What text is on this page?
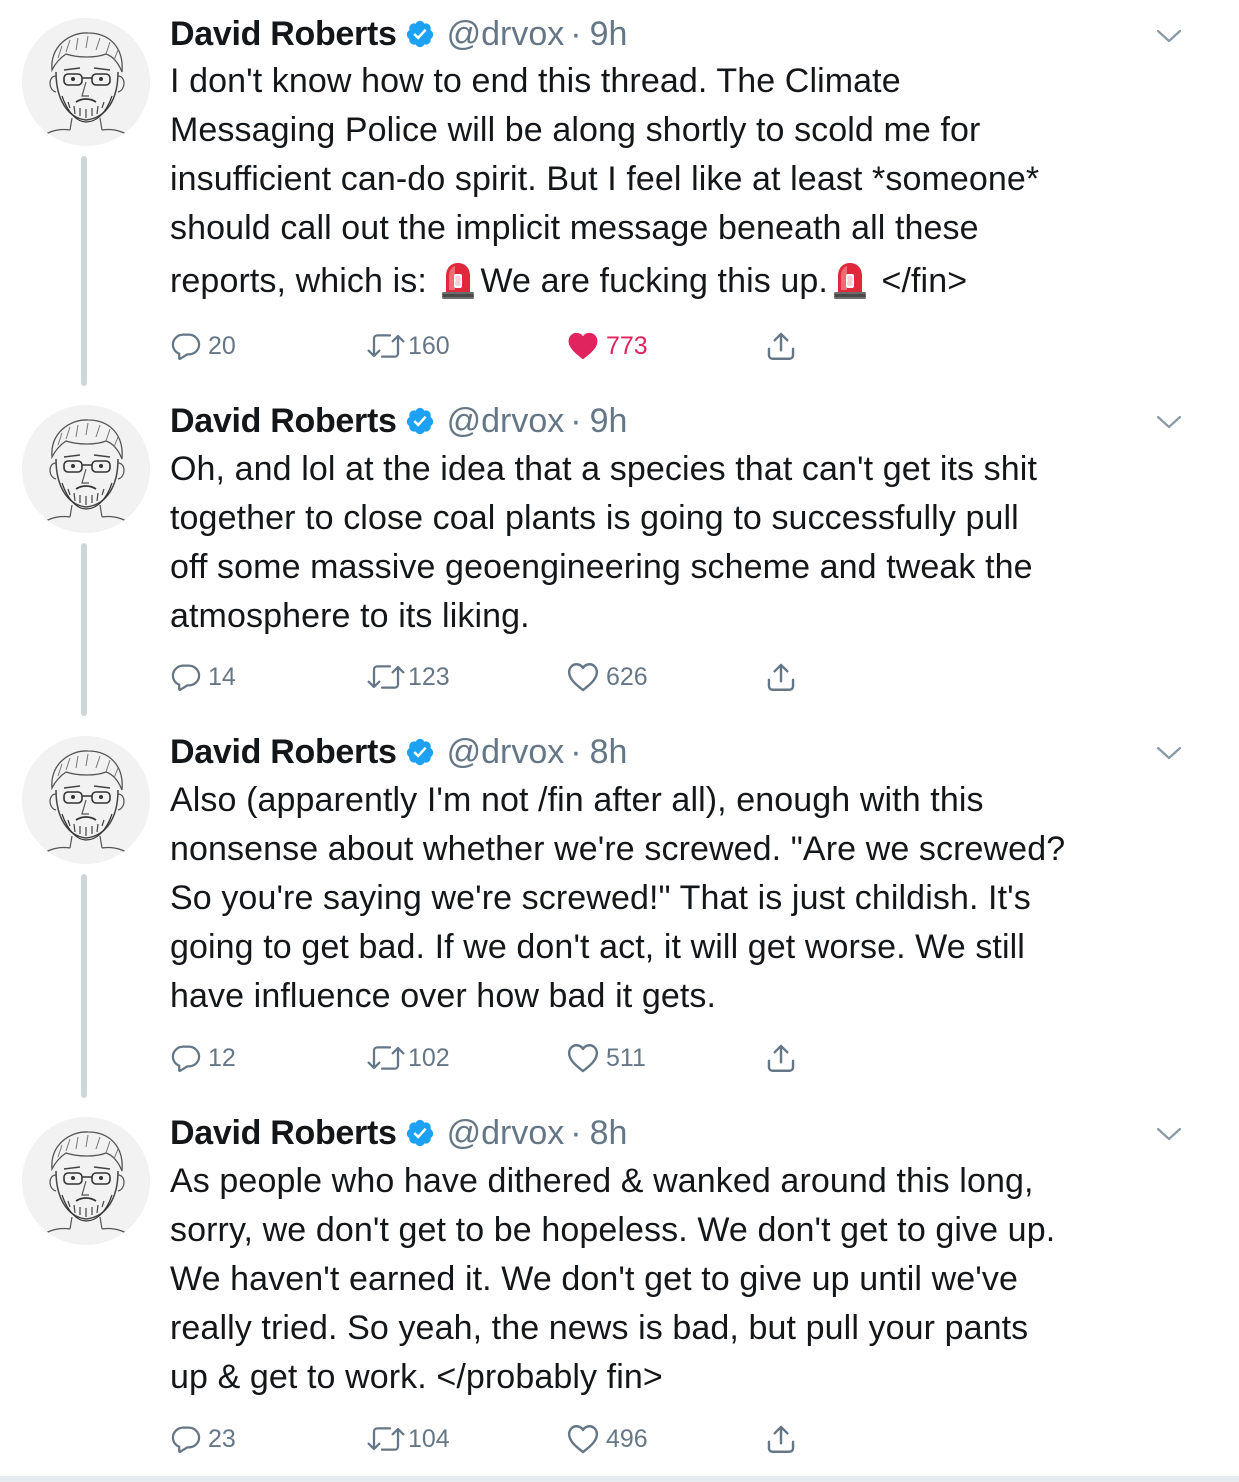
David Roberts @drvox · 9h
I don't know how to end this thread. The Climate
Messaging Police will be along shortly to scold me for
insufficient can-do spirit. But I feel like at least *someone*
should call out the implicit message beneath all these
reports, which is: We are fucking this up. </fin>
20	160	773
David Roberts @drvox · 9h
Oh, and lol at the idea that a species that can't get its shit
together to close coal plants is going to successfully pull
off some massive geoengineering scheme and tweak the
atmosphere to its liking.
14	123	626
David Roberts @drvox · 8h
Also (apparently I'm not /fin after all), enough with this
nonsense about whether we're screwed. "Are we screwed?
So you're saying we're screwed!" That is just childish. It's
going to get bad. If we don't act, it will get worse. We still
have influence over how bad it gets.
12	102	511
David Roberts @drvox · 8h
As people who have dithered & wanked around this long,
sorry, we don't get to be hopeless. We don't get to give up.
We haven't earned it. We don't get to give up until we've
really tried. So yeah, the news is bad, but pull your pants
up & get to work. </probably fin>
23	104	496
